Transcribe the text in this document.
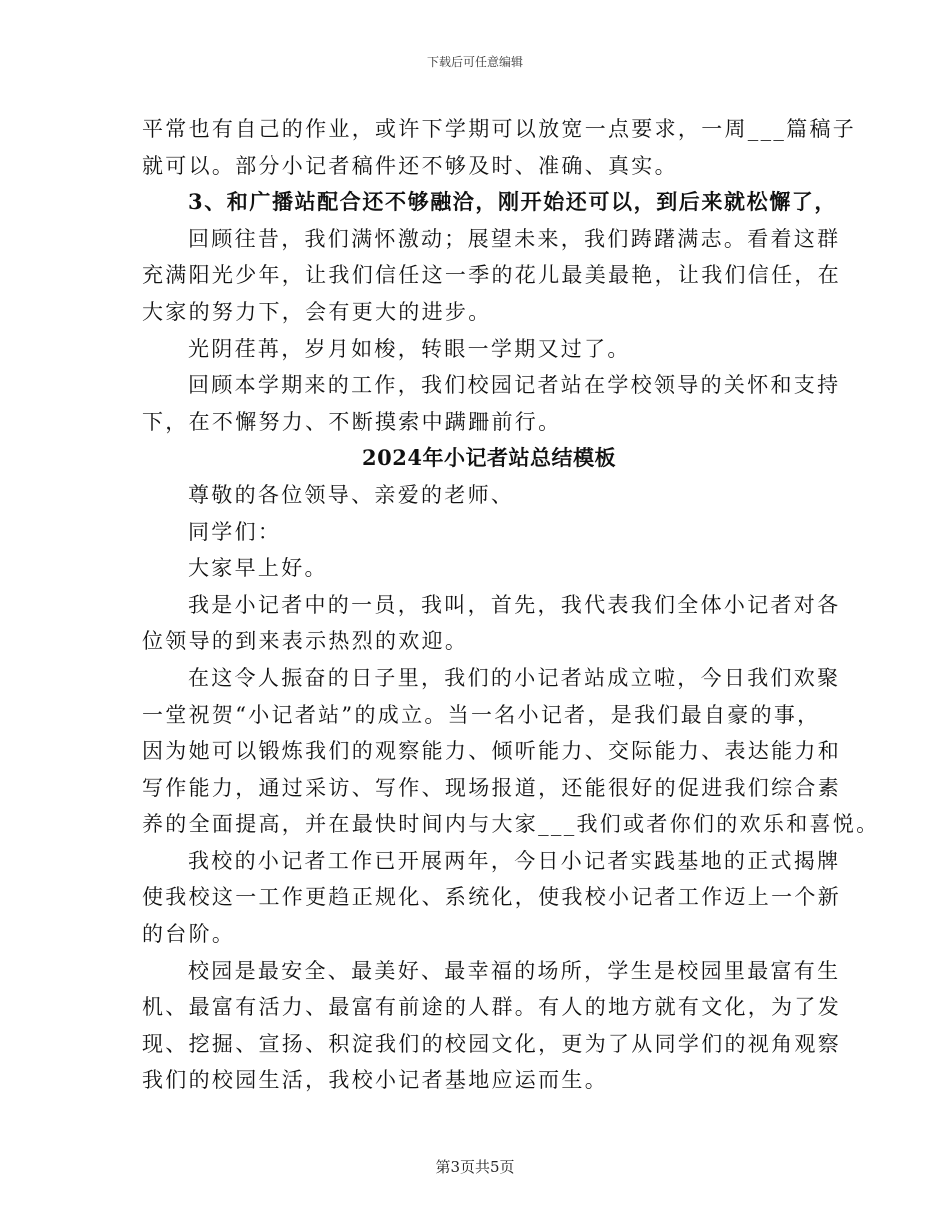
下载后可任意编辑
平常也有自己的作业，或许下学期可以放宽一点要求，一周___篇稿子
就可以。部分小记者稿件还不够及时、准确、真实。
3、和广播站配合还不够融洽，刚开始还可以，到后来就松懈了，
回顾往昔，我们满怀激动；展望未来，我们踌躇满志。看着这群
充满阳光少年，让我们信任这一季的花儿最美最艳，让我们信任，在
大家的努力下，会有更大的进步。
光阴荏苒，岁月如梭，转眼一学期又过了。
回顾本学期来的工作，我们校园记者站在学校领导的关怀和支持
下，在不懈努力、不断摸索中蹒跚前行。
2024年小记者站总结模板
尊敬的各位领导、亲爱的老师、
同学们：
大家早上好。
我是小记者中的一员，我叫，首先，我代表我们全体小记者对各
位领导的到来表示热烈的欢迎。
在这令人振奋的日子里，我们的小记者站成立啦，今日我们欢聚
一堂祝贺“小记者站”的成立。当一名小记者，是我们最自豪的事，
因为她可以锻炼我们的观察能力、倾听能力、交际能力、表达能力和
写作能力，通过采访、写作、现场报道，还能很好的促进我们综合素
养的全面提高，并在最快时间内与大家___我们或者你们的欢乐和喜悦。
我校的小记者工作已开展两年，今日小记者实践基地的正式揭牌
使我校这一工作更趋正规化、系统化，使我校小记者工作迈上一个新
的台阶。
校园是最安全、最美好、最幸福的场所，学生是校园里最富有生
机、最富有活力、最富有前途的人群。有人的地方就有文化，为了发
现、挖掘、宣扬、积淀我们的校园文化，更为了从同学们的视角观察
我们的校园生活，我校小记者基地应运而生。
第3页共5页
